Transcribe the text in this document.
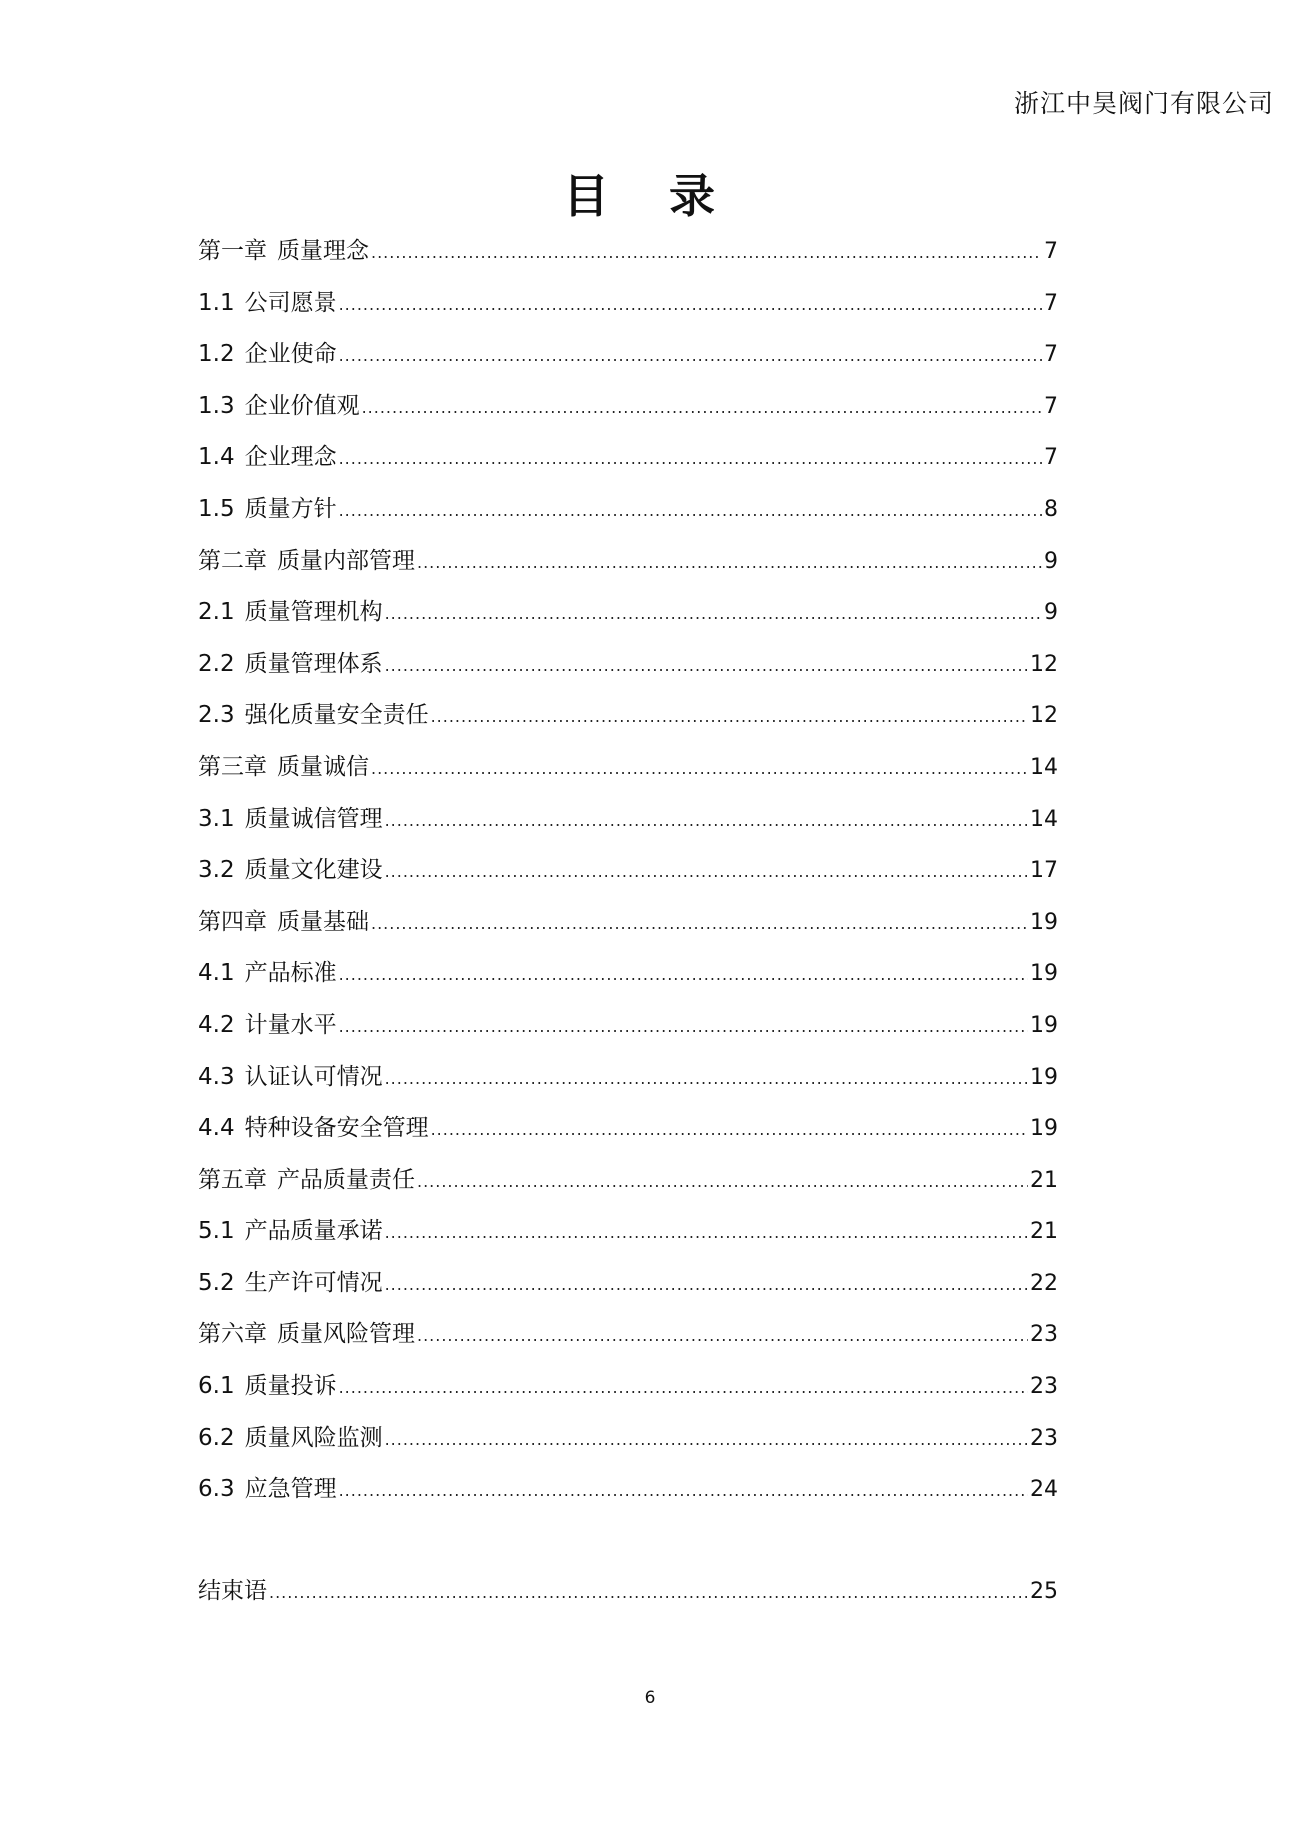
浙江中昊阀门有限公司
目 录
第一章 质量理念 .....	7
1.1 公司愿景 .....	7
1.2 企业使命 .....	7
1.3 企业价值观 .....	7
1.4 企业理念 .....	7
1.5 质量方针 .....	8
第二章 质量内部管理 .....	9
2.1 质量管理机构 .....	9
2.2 质量管理体系 .....	12
2.3 强化质量安全责任 .....	12
第三章 质量诚信 .....	14
3.1 质量诚信管理 .....	14
3.2 质量文化建设 .....	17
第四章 质量基础 .....	19
4.1 产品标准 .....	19
4.2 计量水平 .....	19
4.3 认证认可情况 .....	19
4.4 特种设备安全管理 .....	19
第五章 产品质量责任 .....	21
5.1 产品质量承诺 .....	21
5.2 生产许可情况 .....	22
第六章 质量风险管理 .....	23
6.1 质量投诉 .....	23
6.2 质量风险监测 .....	23
6.3 应急管理 .....	24
结束语 .....	25
6
